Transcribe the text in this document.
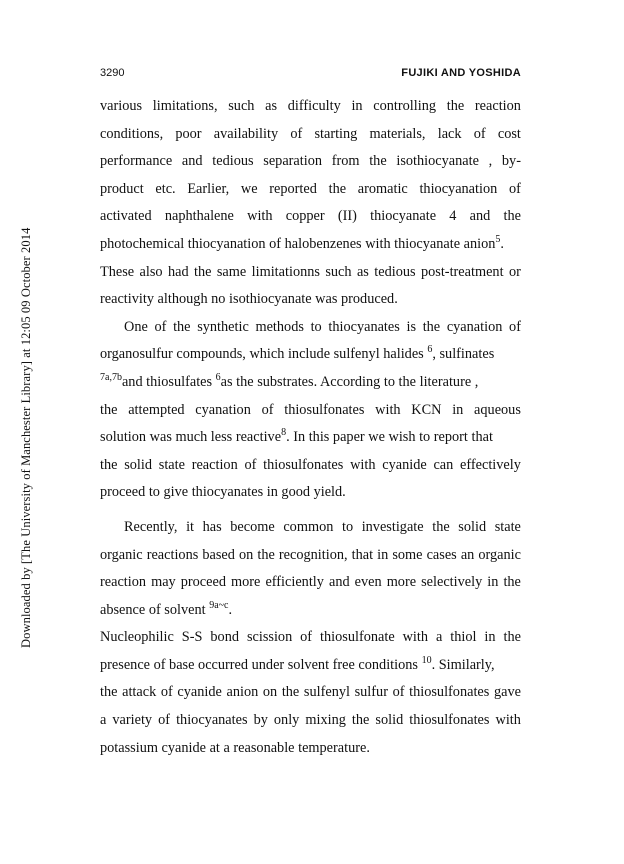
3290	FUJIKI AND YOSHIDA
Downloaded by [The University of Manchester Library] at 12:05 09 October 2014
various limitations, such as difficulty in controlling the reaction
conditions, poor availability of starting materials, lack of cost
performance and tedious separation from the isothiocyanate , by-
product etc. Earlier, we reported the aromatic thiocyanation of
activated naphthalene with copper (II) thiocyanate 4 and the
photochemical thiocyanation of halobenzenes with thiocyanate anion$^5$.
These also had the same limitationns such as tedious post-treatment or
reactivity although no isothiocyanate was produced.
One of the synthetic methods to thiocyanates is the cyanation of
organosulfur compounds, which include sulfenyl halides $^6$, sulfinates
$^{7a,7b}$and thiosulfates $^6$as the substrates. According to the literature ,
the attempted cyanation of thiosulfonates with KCN in aqueous
solution was much less reactive$^8$. In this paper we wish to report that
the solid state reaction of thiosulfonates with cyanide can effectively
proceed to give thiocyanates in good yield.
Recently, it has become common to investigate the solid state
organic reactions based on the recognition, that in some cases an organic
reaction may proceed more efficiently and even more selectively in the
absence of solvent $^{9a\sim c}$.
Nucleophilic S-S bond scission of thiosulfonate with a thiol in the
presence of base occurred under solvent free conditions $^{10}$. Similarly,
the attack of cyanide anion on the sulfenyl sulfur of thiosulfonates gave
a variety of thiocyanates by only mixing the solid thiosulfonates with
potassium cyanide at a reasonable temperature.
